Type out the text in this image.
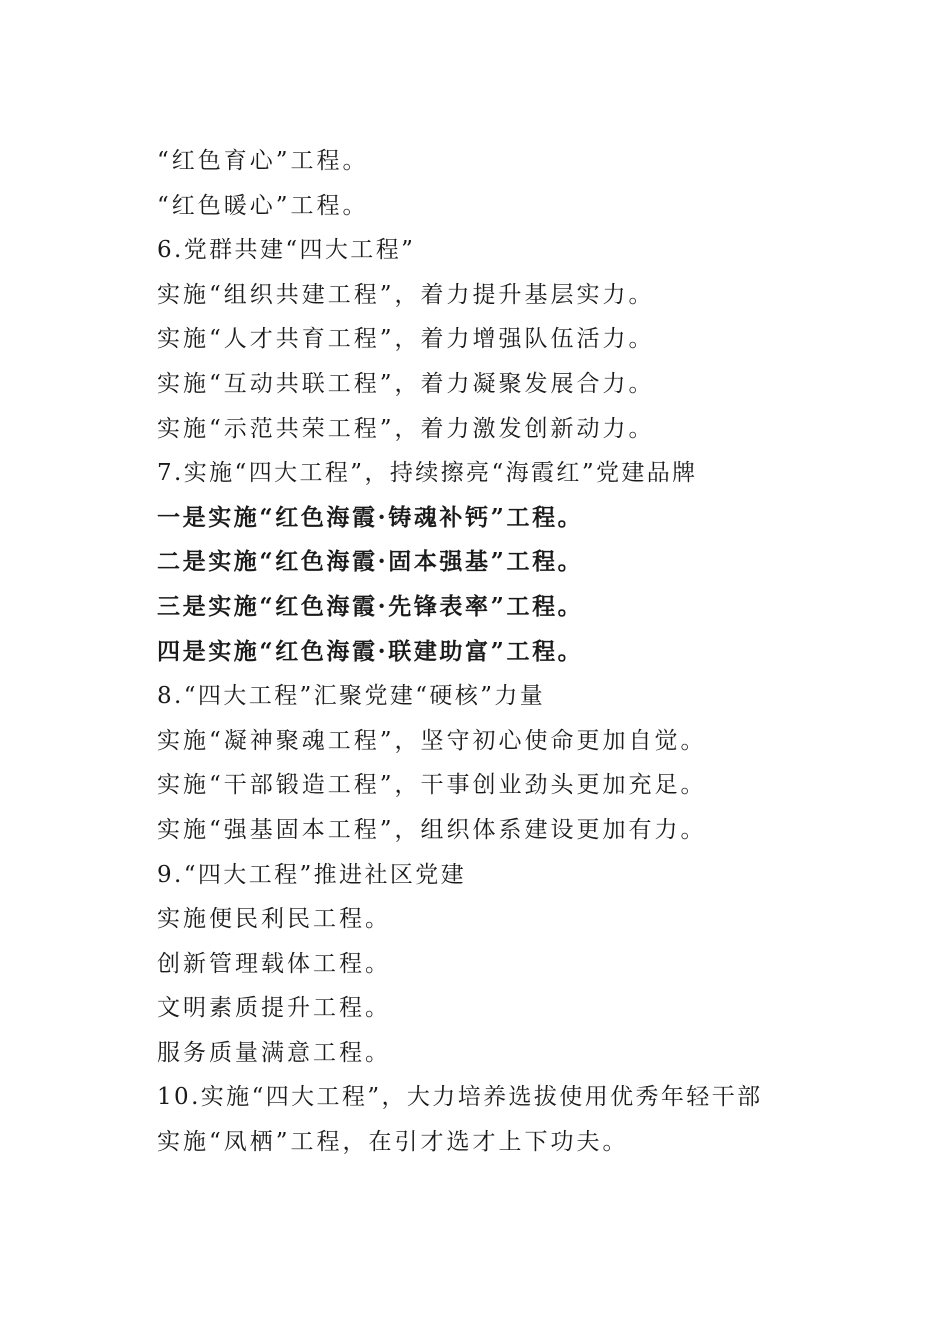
“红色育心”工程。
“红色暖心”工程。
6.党群共建“四大工程”
实施“组织共建工程”，着力提升基层实力。
实施“人才共育工程”，着力增强队伍活力。
实施“互动共联工程”，着力凝聚发展合力。
实施“示范共荣工程”，着力激发创新动力。
7.实施“四大工程”，持续擦亮“海霞红”党建品牌
一是实施“红色海霞·铸魂补钙”工程。
二是实施“红色海霞·固本强基”工程。
三是实施“红色海霞·先锋表率”工程。
四是实施“红色海霞·联建助富”工程。
8.“四大工程”汇聚党建“硬核”力量
实施“凝神聚魂工程”，坚守初心使命更加自觉。
实施“干部锻造工程”，干事创业劲头更加充足。
实施“强基固本工程”，组织体系建设更加有力。
9.“四大工程”推进社区党建
实施便民利民工程。
创新管理载体工程。
文明素质提升工程。
服务质量满意工程。
10.实施“四大工程”，大力培养选拔使用优秀年轻干部
实施“凤栖”工程，在引才选才上下功夫。
